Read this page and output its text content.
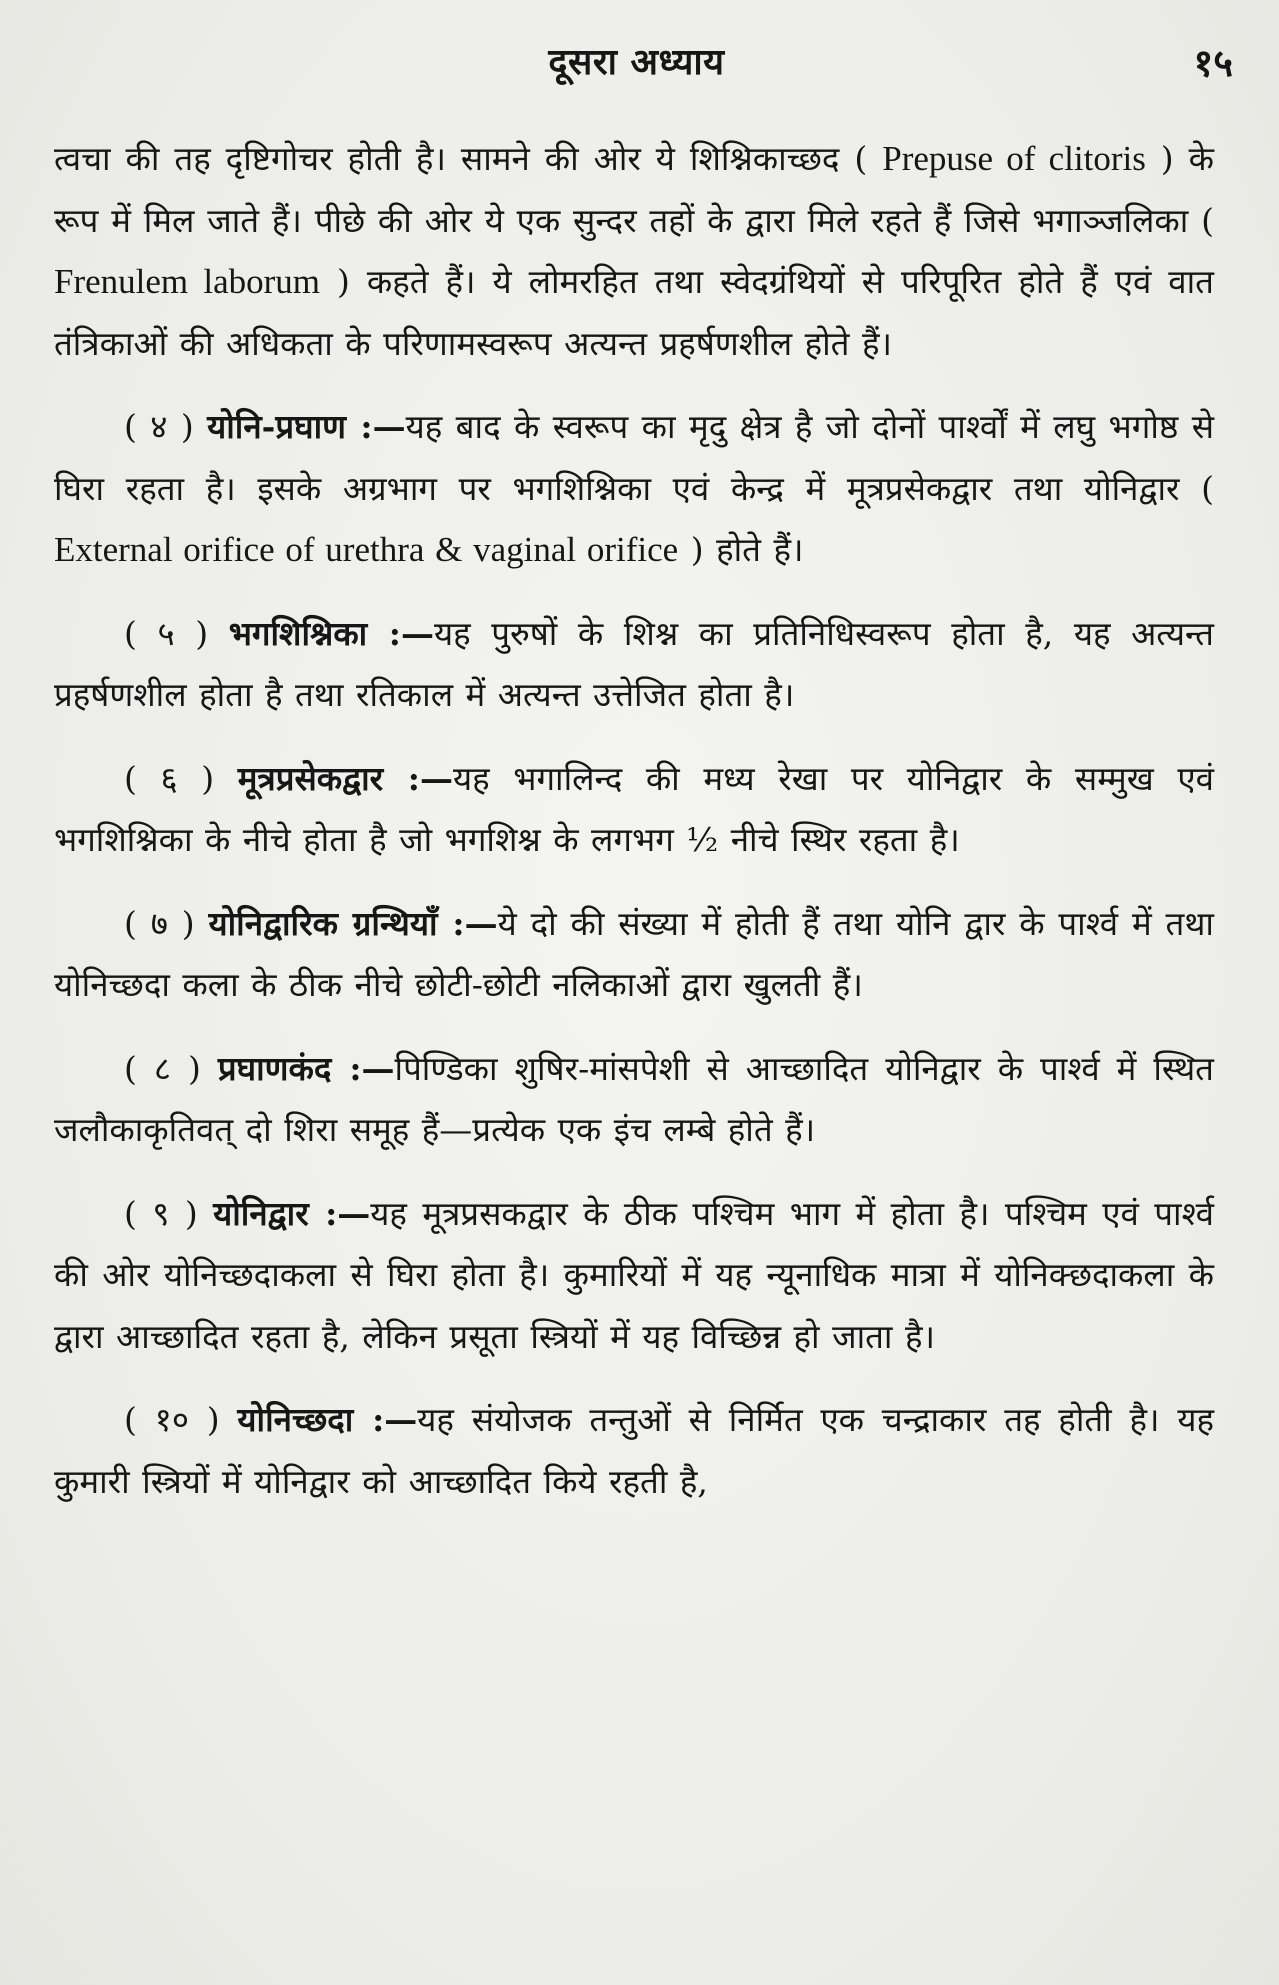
दूसरा अध्याय	१५

त्वचा की तह दृष्टिगोचर होती है। सामने की ओर ये शिश्निकाच्छद ( Prepuse of clitoris ) के रूप में मिल जाते हैं। पीछे की ओर ये एक सुन्दर तहों के द्वारा मिले रहते हैं जिसे भगाञ्जलिका ( Frenulem laborum ) कहते हैं। ये लोमरहित तथा स्वेदग्रंथियों से परिपूरित होते हैं एवं वात तंत्रिकाओं की अधिकता के परिणामस्वरूप अत्यन्त प्रहर्षणशील होते हैं।

( ४ ) योनि-प्रघाण :—यह बाद के स्वरूप का मृदु क्षेत्र है जो दोनों पार्श्वों में लघु भगोष्ठ से घिरा रहता है। इसके अग्रभाग पर भगशिश्निका एवं केन्द्र में मूत्रप्रसेकद्वार तथा योनिद्वार ( External orifice of urethra & vaginal orifice ) होते हैं।

( ५ ) भगशिश्निका :—यह पुरुषों के शिश्न का प्रतिनिधिस्वरूप होता है, यह अत्यन्त प्रहर्षणशील होता है तथा रतिकाल में अत्यन्त उत्तेजित होता है।

( ६ ) मूत्रप्रसेकद्वार :—यह भगालिन्द की मध्य रेखा पर योनिद्वार के सम्मुख एवं भगशिश्निका के नीचे होता है जो भगशिश्न के लगभग ½ नीचे स्थिर रहता है।

( ७ ) योनिद्वारिक ग्रन्थियाँ :—ये दो की संख्या में होती हैं तथा योनि द्वार के पार्श्व में तथा योनिच्छदा कला के ठीक नीचे छोटी-छोटी नलिकाओं द्वारा खुलती हैं।

( ८ ) प्रघाणकंद :—पिण्डिका शुषिर-मांसपेशी से आच्छादित योनिद्वार के पार्श्व में स्थित जलौकाकृतिवत् दो शिरा समूह हैं—प्रत्येक एक इंच लम्बे होते हैं।

( ९ ) योनिद्वार :—यह मूत्रप्रसकद्वार के ठीक पश्चिम भाग में होता है। पश्चिम एवं पार्श्व की ओर योनिच्छदाकला से घिरा होता है। कुमारियों में यह न्यूनाधिक मात्रा में योनिक्छदाकला के द्वारा आच्छादित रहता है, लेकिन प्रसूता स्त्रियों में यह विच्छिन्न हो जाता है।

( १० ) योनिच्छदा :—यह संयोजक तन्तुओं से निर्मित एक चन्द्राकार तह होती है। यह कुमारी स्त्रियों में योनिद्वार को आच्छादित किये रहती है,
